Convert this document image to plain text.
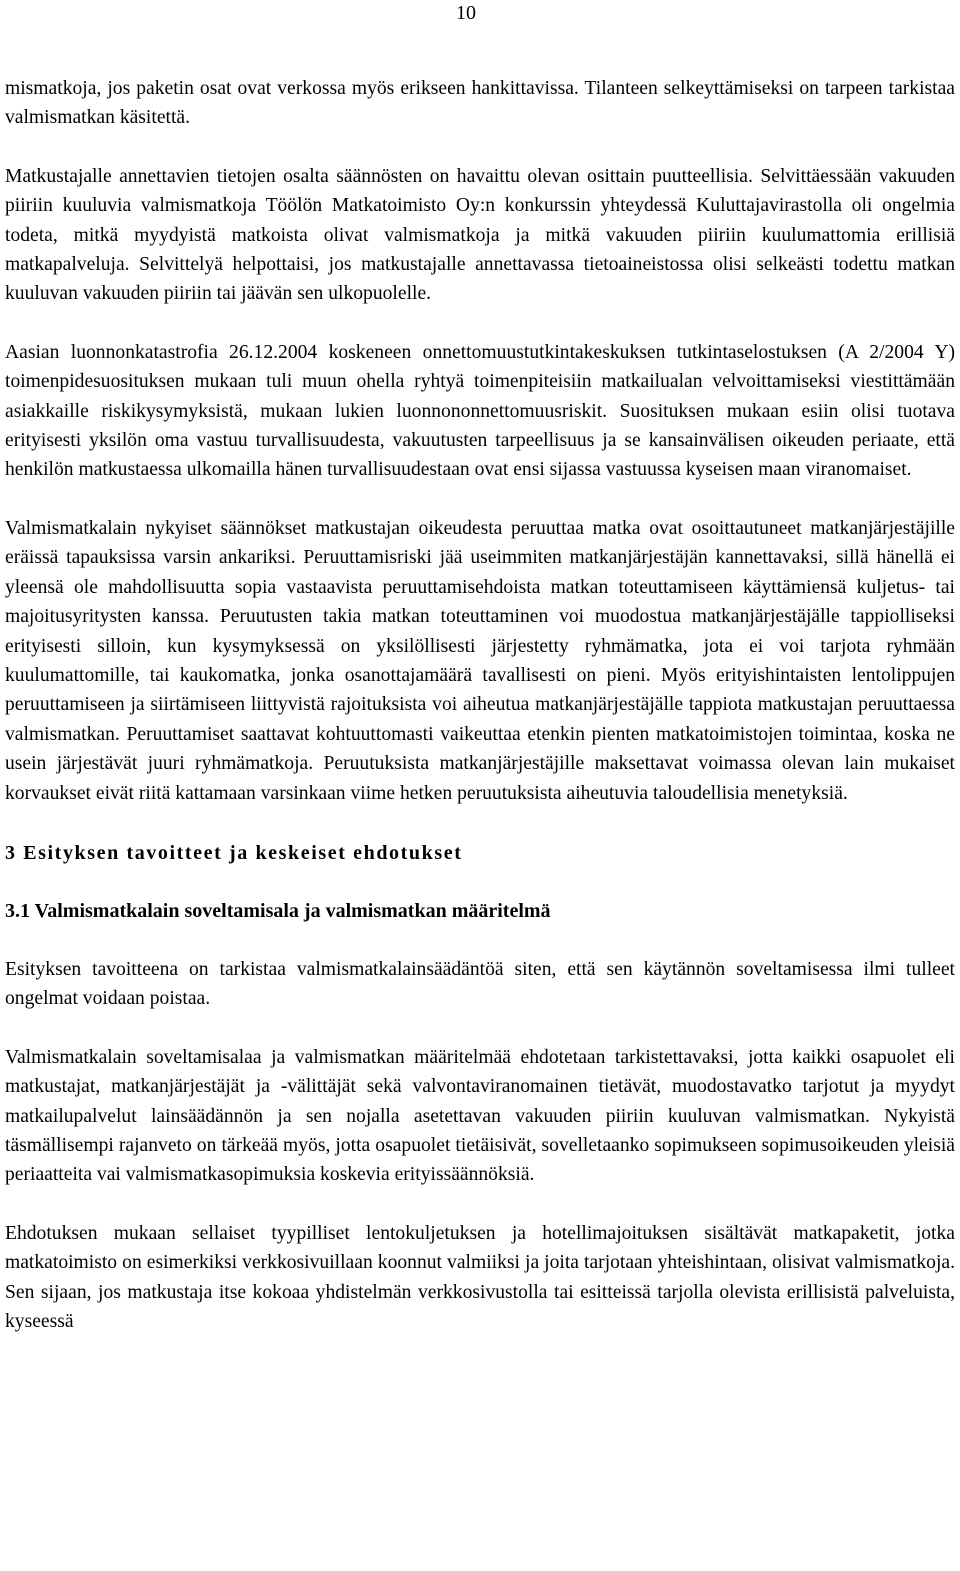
10

mismatkoja, jos paketin osat ovat verkossa myös erikseen hankittavissa. Tilanteen selkeyttämiseksi on tarpeen tarkistaa valmismatkan käsitettä.

Matkustajalle annettavien tietojen osalta säännösten on havaittu olevan osittain puutteellisia. Selvittäessään vakuuden piiriin kuuluvia valmismatkoja Töölön Matkatoimisto Oy:n konkurssin yhteydessä Kuluttajavirastolla oli ongelmia todeta, mitkä myydyistä matkoista olivat valmismatkoja ja mitkä vakuuden piiriin kuulumattomia erillisiä matkapalveluja. Selvittelyä helpottaisi, jos matkustajalle annettavassa tietoaineistossa olisi selkeästi todettu matkan kuuluvan vakuuden piiriin tai jäävän sen ulkopuolelle.

Aasian luonnonkatastrofia 26.12.2004 koskeneen onnettomuustutkintakeskuksen tutkintaselostuksen (A 2/2004 Y) toimenpidesuosituksen mukaan tuli muun ohella ryhtyä toimenpiteisiin matkailualan velvoittamiseksi viestittämään asiakkaille riskikysymyksistä, mukaan lukien luonnononnettomuusriskit. Suosituksen mukaan esiin olisi tuotava erityisesti yksilön oma vastuu turvallisuudesta, vakuutusten tarpeellisuus ja se kansainvälisen oikeuden periaate, että henkilön matkustaessa ulkomailla hänen turvallisuudestaan ovat ensi sijassa vastuussa kyseisen maan viranomaiset.

Valmismatkalain nykyiset säännökset matkustajan oikeudesta peruuttaa matka ovat osoittautuneet matkanjärjestäjille eräissä tapauksissa varsin ankariksi. Peruuttamisriski jää useimmiten matkanjärjestäjän kannettavaksi, sillä hänellä ei yleensä ole mahdollisuutta sopia vastaavista peruuttamisehdoista matkan toteuttamiseen käyttämiensä kuljetus- tai majoitusyritysten kanssa. Peruutusten takia matkan toteuttaminen voi muodostua matkanjärjestäjälle tappiolliseksi erityisesti silloin, kun kysymyksessä on yksilöllisesti järjestetty ryhmämatka, jota ei voi tarjota ryhmään kuulumattomille, tai kaukomatka, jonka osanottajamäärä tavallisesti on pieni. Myös erityishintaisten lentolippujen peruuttamiseen ja siirtämiseen liittyvistä rajoituksista voi aiheutua matkanjärjestäjälle tappiota matkustajan peruuttaessa valmismatkan. Peruuttamiset saattavat kohtuuttomasti vaikeuttaa etenkin pienten matkatoimistojen toimintaa, koska ne usein järjestävät juuri ryhmämatkoja. Peruutuksista matkanjärjestäjille maksettavat voimassa olevan lain mukaiset korvaukset eivät riitä kattamaan varsinkaan viime hetken peruutuksista aiheutuvia taloudellisia menetyksiä.

3 Esityksen tavoitteet ja keskeiset ehdotukset
3.1 Valmismatkalain soveltamisala ja valmismatkan määritelmä

Esityksen tavoitteena on tarkistaa valmismatkalainsäädäntöä siten, että sen käytännön soveltamisessa ilmi tulleet ongelmat voidaan poistaa.

Valmismatkalain soveltamisalaa ja valmismatkan määritelmää ehdotetaan tarkistettavaksi, jotta kaikki osapuolet eli matkustajat, matkanjärjestäjät ja -välittäjät sekä valvontaviranomainen tietävät, muodostavatko tarjotut ja myydyt matkailupalvelut lainsäädännön ja sen nojalla asetettavan vakuuden piiriin kuuluvan valmismatkan. Nykyistä täsmällisempi rajanveto on tärkeää myös, jotta osapuolet tietäisivät, sovelletaanko sopimukseen sopimusoikeuden yleisiä periaatteita vai valmismatkasopimuksia koskevia erityissäännöksiä.

Ehdotuksen mukaan sellaiset tyypilliset lentokuljetuksen ja hotellimajoituksen sisältävät matkapaketit, jotka matkatoimisto on esimerkiksi verkkosivuillaan koonnut valmiiksi ja joita tarjotaan yhteishintaan, olisivat valmismatkoja. Sen sijaan, jos matkustaja itse kokoaa yhdistelmän verkkosivustolla tai esitteissä tarjolla olevista erillisistä palveluista, kyseessä
